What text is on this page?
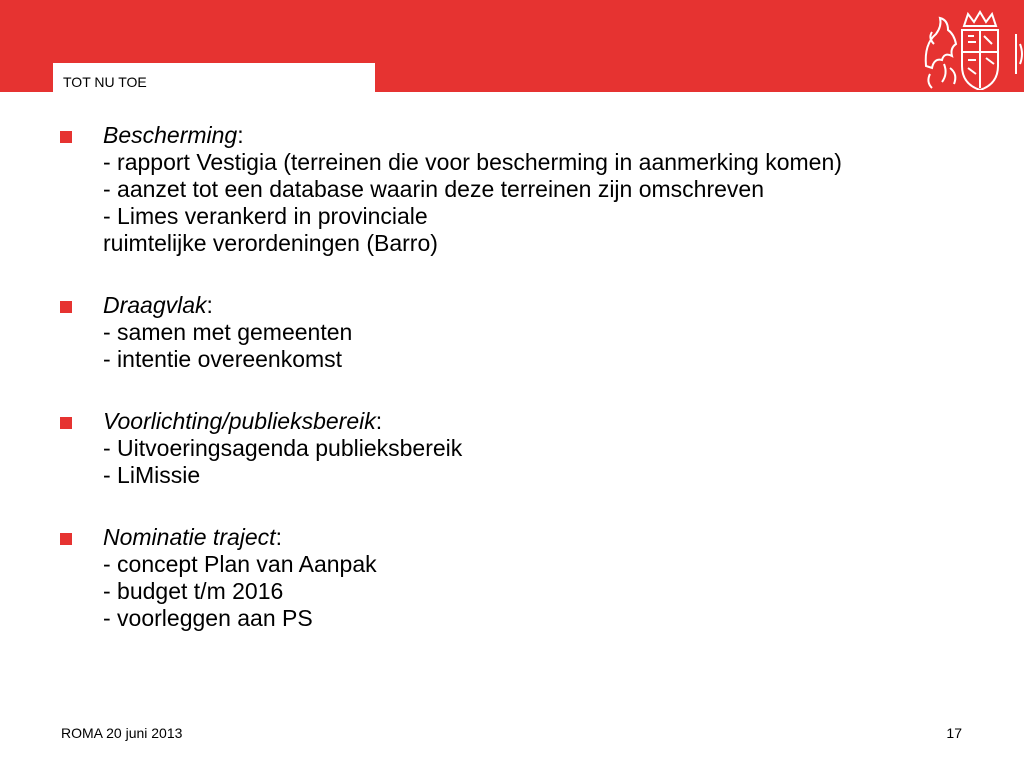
TOT NU TOE
Bescherming:
- rapport Vestigia (terreinen die voor bescherming in aanmerking komen)
- aanzet tot een database waarin deze terreinen zijn omschreven
- Limes verankerd in provinciale
ruimtelijke verordeningen (Barro)
Draagvlak:
- samen met gemeenten
- intentie overeenkomst
Voorlichting/publieksbereik:
- Uitvoeringsagenda publieksbereik
- LiMissie
Nominatie traject:
- concept Plan van Aanpak
- budget t/m 2016
- voorleggen aan PS
ROMA 20 juni 2013	17
